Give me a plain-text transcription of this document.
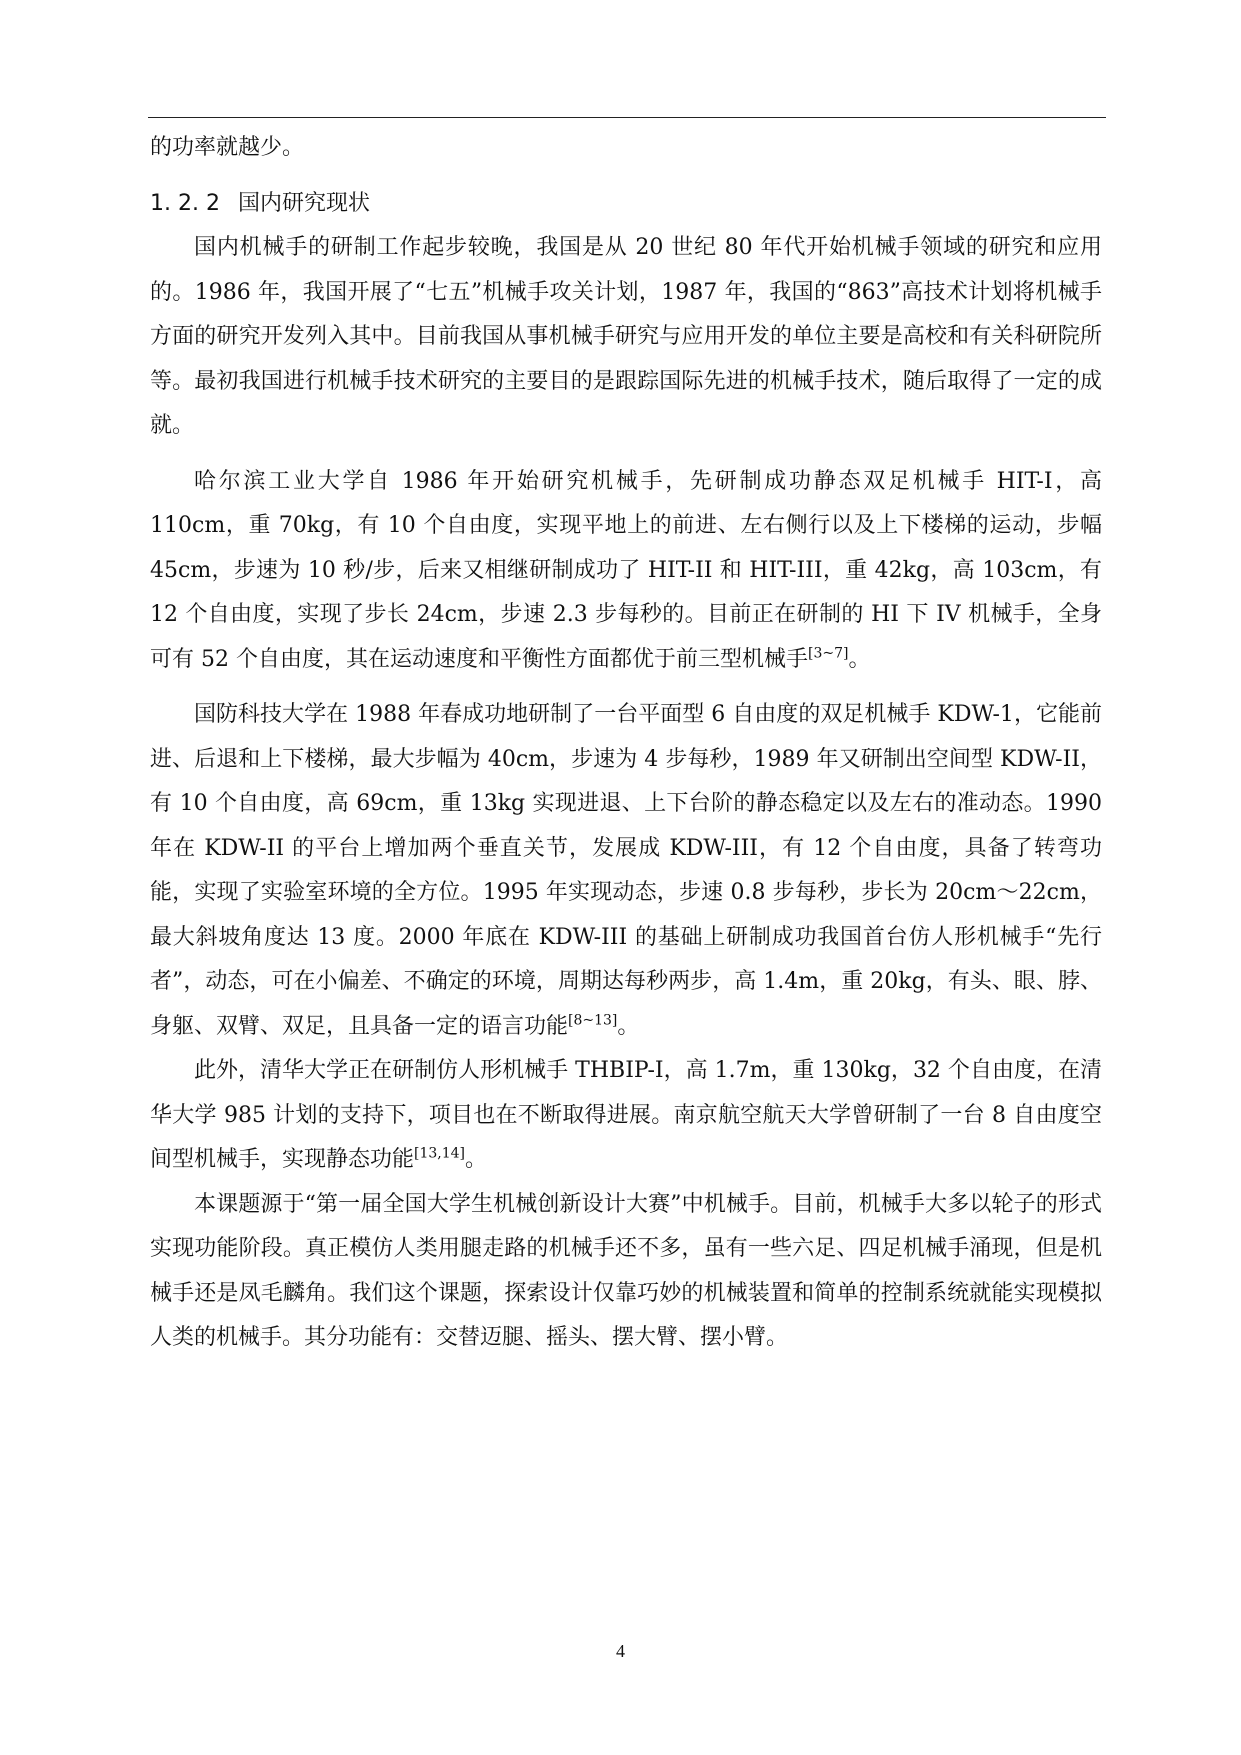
的功率就越少。

1. 2. 2 国内研究现状

国内机械手的研制工作起步较晚，我国是从 20 世纪 80 年代开始机械手领域的研究和应用的。1986 年，我国开展了“七五”机械手攻关计划，1987 年，我国的“863”高技术计划将机械手方面的研究开发列入其中。目前我国从事机械手研究与应用开发的单位主要是高校和有关科研院所等。最初我国进行机械手技术研究的主要目的是跟踪国际先进的机械手技术，随后取得了一定的成就。

哈尔滨工业大学自 1986 年开始研究机械手，先研制成功静态双足机械手 HIT-I，高 110cm，重 70kg，有 10 个自由度，实现平地上的前进、左右侧行以及上下楼梯的运动，步幅 45cm，步速为 10 秒/步，后来又相继研制成功了 HIT-II 和 HIT-III，重 42kg，高 103cm，有 12 个自由度，实现了步长 24cm，步速 2.3 步每秒的。目前正在研制的 HI 下 IV 机械手，全身可有 52 个自由度，其在运动速度和平衡性方面都优于前三型机械手[3~7]。

国防科技大学在 1988 年春成功地研制了一台平面型 6 自由度的双足机械手 KDW-1，它能前进、后退和上下楼梯，最大步幅为 40cm，步速为 4 步每秒，1989 年又研制出空间型 KDW-II，有 10 个自由度，高 69cm，重 13kg 实现进退、上下台阶的静态稳定以及左右的准动态。1990 年在 KDW-II 的平台上增加两个垂直关节，发展成 KDW-III，有 12 个自由度，具备了转弯功能，实现了实验室环境的全方位。1995 年实现动态，步速 0.8 步每秒，步长为 20cm～22cm，最大斜坡角度达 13 度。2000 年底在 KDW-III 的基础上研制成功我国首台仿人形机械手“先行者”，动态，可在小偏差、不确定的环境，周期达每秒两步，高 1.4m，重 20kg，有头、眼、脖、身躯、双臂、双足，且具备一定的语言功能[8~13]。

此外，清华大学正在研制仿人形机械手 THBIP-I，高 1.7m，重 130kg，32 个自由度，在清华大学 985 计划的支持下，项目也在不断取得进展。南京航空航天大学曾研制了一台 8 自由度空间型机械手，实现静态功能[13,14]。

本课题源于“第一届全国大学生机械创新设计大赛”中机械手。目前，机械手大多以轮子的形式实现功能阶段。真正模仿人类用腿走路的机械手还不多，虽有一些六足、四足机械手涌现，但是机械手还是凤毛麟角。我们这个课题，探索设计仅靠巧妙的机械装置和简单的控制系统就能实现模拟人类的机械手。其分功能有：交替迈腿、摇头、摆大臂、摆小臂。

4
